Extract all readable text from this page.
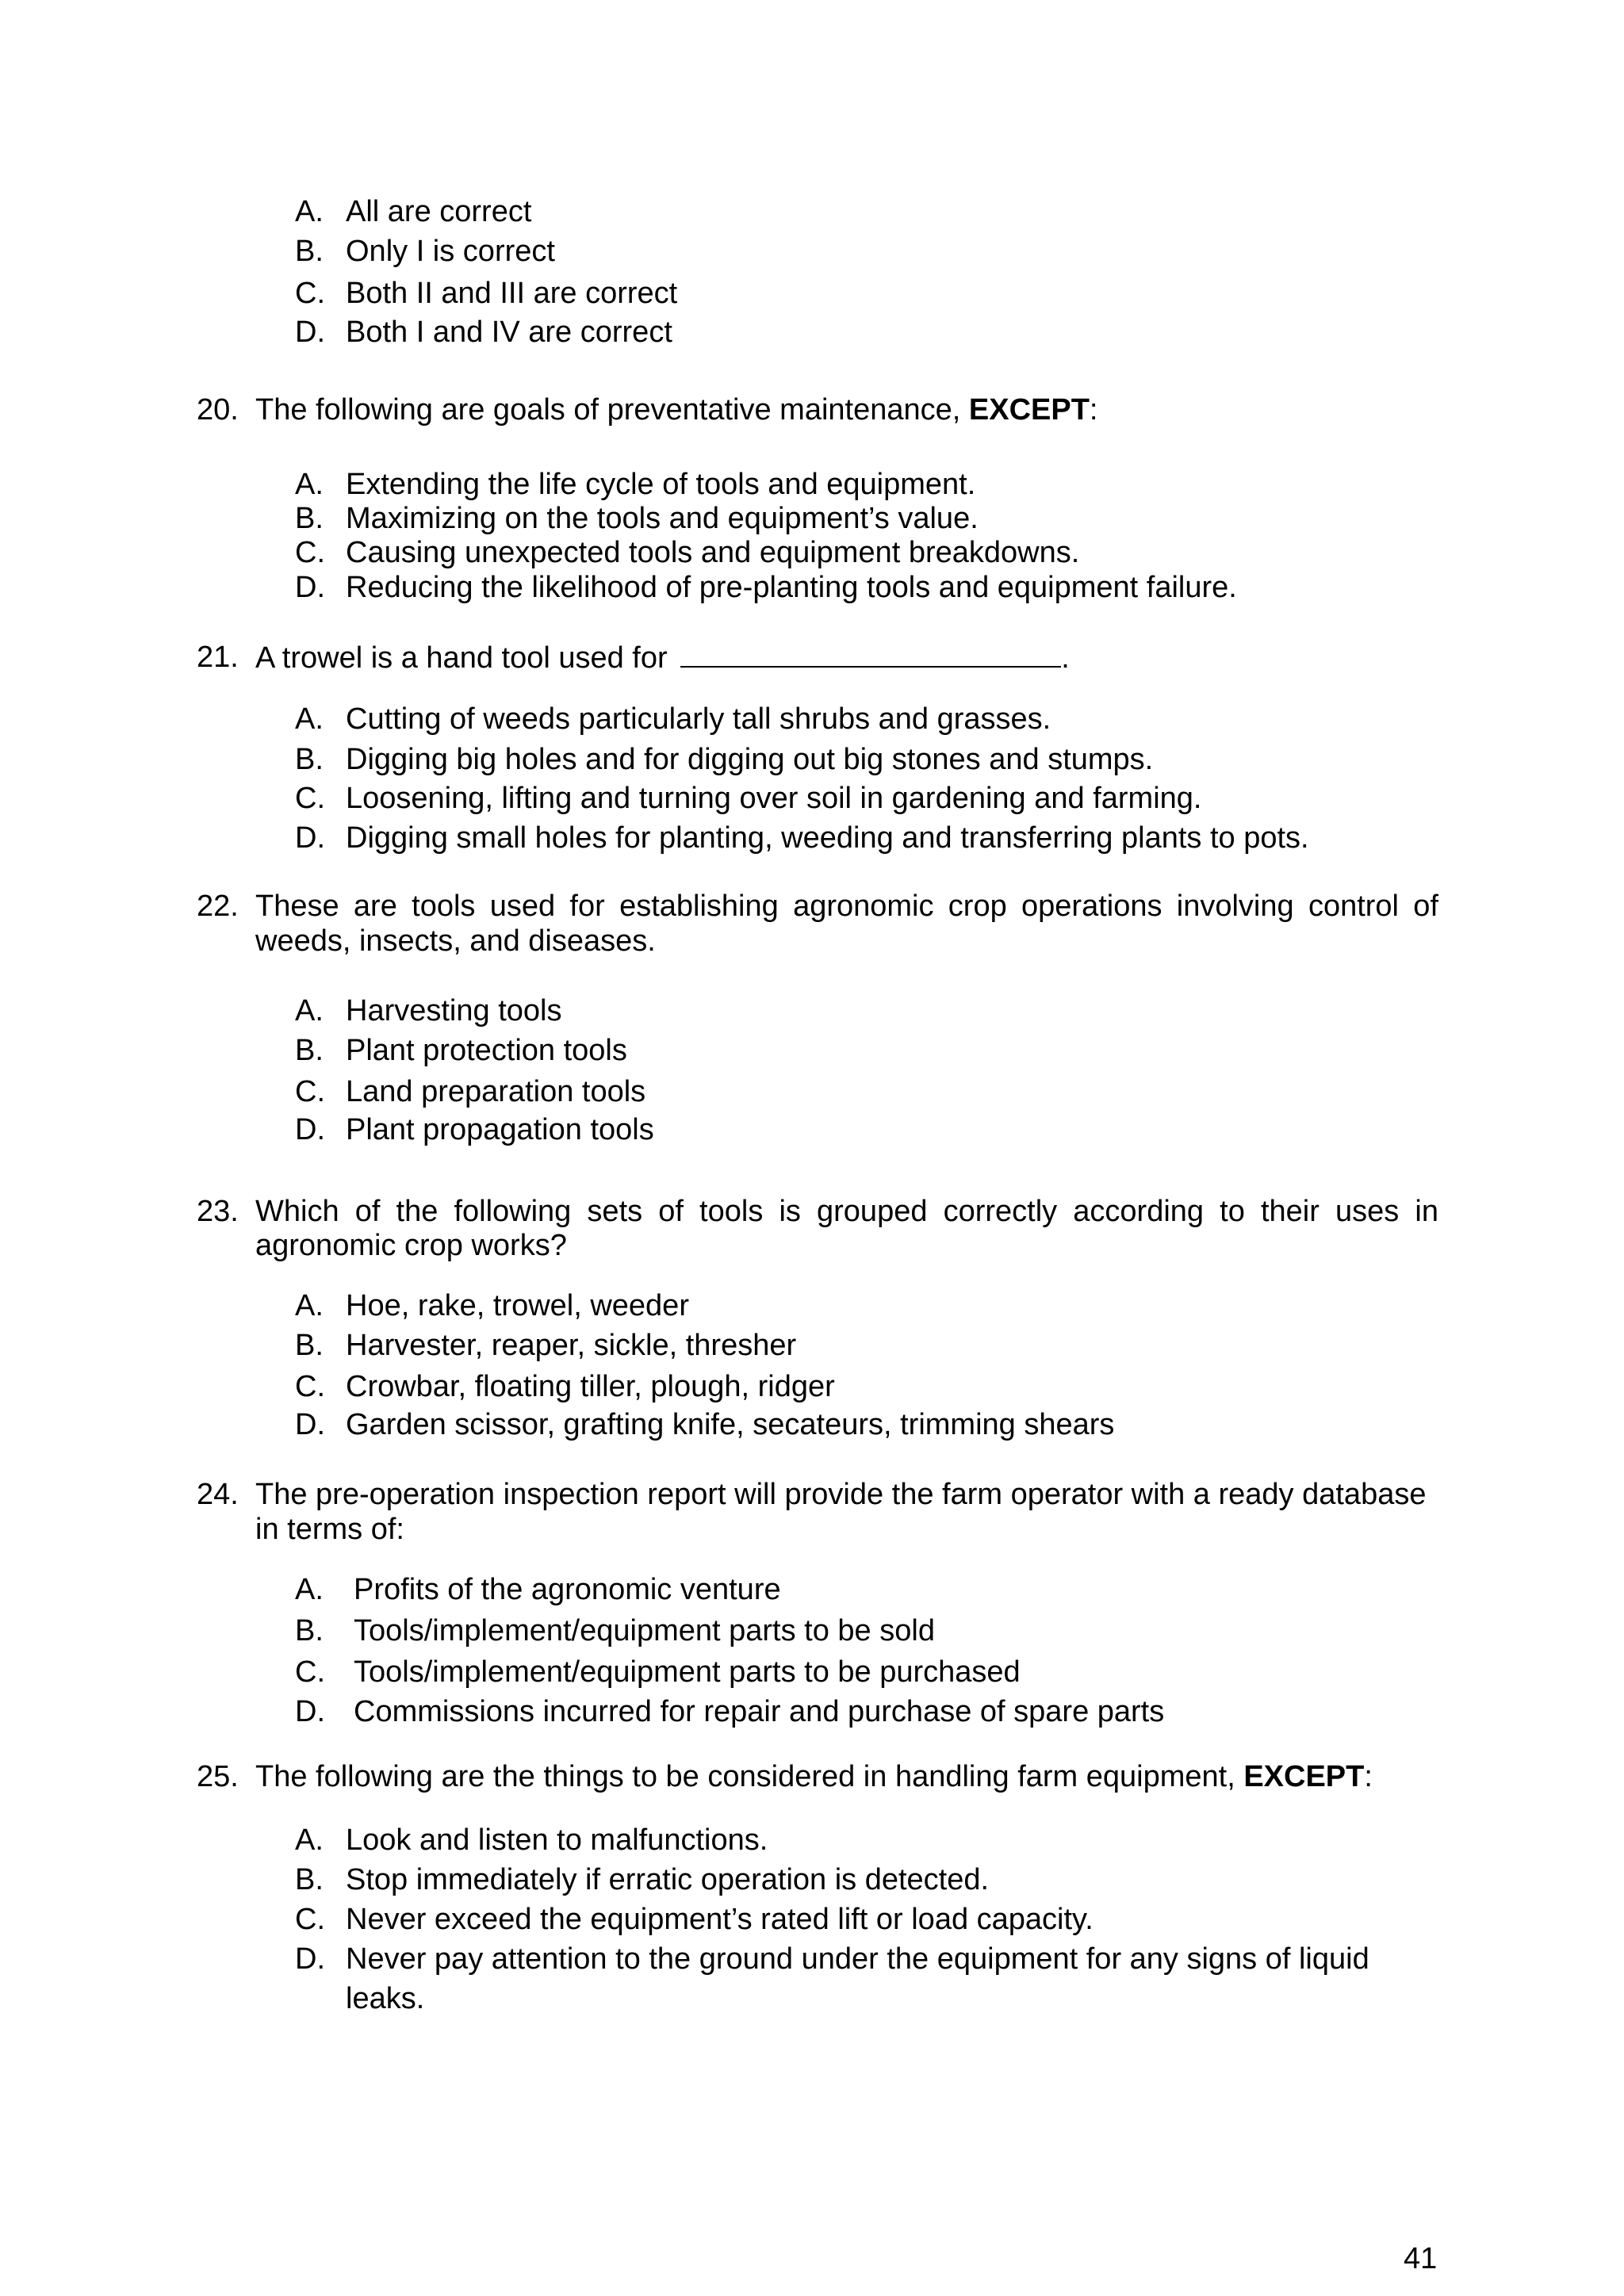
A. All are correct
B. Only I is correct
C. Both II and III are correct
D. Both I and IV are correct
20. The following are goals of preventative maintenance, EXCEPT:
A. Extending the life cycle of tools and equipment.
B. Maximizing on the tools and equipment’s value.
C. Causing unexpected tools and equipment breakdowns.
D. Reducing the likelihood of pre-planting tools and equipment failure.
21. A trowel is a hand tool used for	.
A. Cutting of weeds particularly tall shrubs and grasses.
B. Digging big holes and for digging out big stones and stumps.
C. Loosening, lifting and turning over soil in gardening and farming.
D. Digging small holes for planting, weeding and transferring plants to pots.
22. These are tools used for establishing agronomic crop operations involving control of
weeds, insects, and diseases.
A. Harvesting tools
B. Plant protection tools
C. Land preparation tools
D. Plant propagation tools
23. Which of the following sets of tools is grouped correctly according to their uses in
agronomic crop works?
A. Hoe, rake, trowel, weeder
B. Harvester, reaper, sickle, thresher
C. Crowbar, floating tiller, plough, ridger
D. Garden scissor, grafting knife, secateurs, trimming shears
24. The pre-operation inspection report will provide the farm operator with a ready database
in terms of:
A. Profits of the agronomic venture
B. Tools/implement/equipment parts to be sold
C. Tools/implement/equipment parts to be purchased
D. Commissions incurred for repair and purchase of spare parts
25. The following are the things to be considered in handling farm equipment, EXCEPT:
A. Look and listen to malfunctions.
B. Stop immediately if erratic operation is detected.
C. Never exceed the equipment’s rated lift or load capacity.
D. Never pay attention to the ground under the equipment for any signs of liquid
leaks.
41
